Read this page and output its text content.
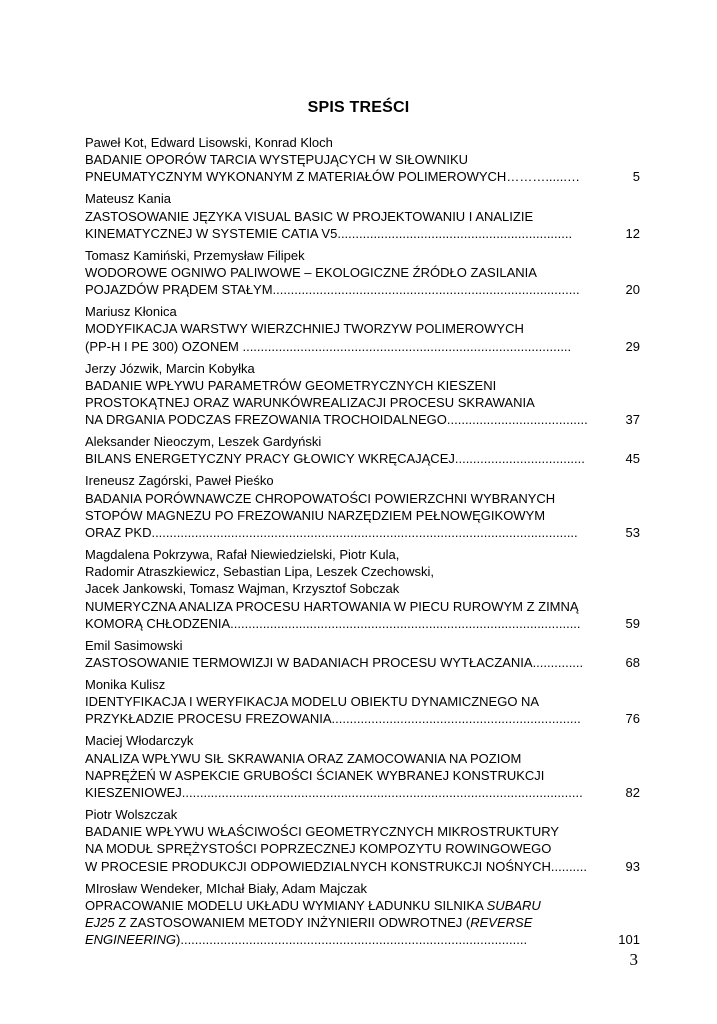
SPIS TREŚCI
Paweł Kot, Edward Lisowski, Konrad Kloch
BADANIE OPORÓW TARCIA WYSTĘPUJĄCYCH W SIŁOWNIKU
PNEUMATYCZNYM WYKONANYM Z MATERIAŁÓW POLIMEROWYCH………......…	5
Mateusz Kania
ZASTOSOWANIE JĘZYKA VISUAL BASIC W PROJEKTOWANIU I ANALIZIE
KINEMATYCZNEJ W SYSTEMIE CATIA V5.................................................................	12
Tomasz Kamiński, Przemysław Filipek
WODOROWE OGNIWO PALIWOWE – EKOLOGICZNE ŹRÓDŁO ZASILANIA
POJAZDÓW PRĄDEM STAŁYM.....................................................................................	20
Mariusz Kłonica
MODYFIKACJA WARSTWY WIERZCHNIEJ TWORZYW POLIMEROWYCH
(PP-H I PE 300) OZONEM ...........................................................................................	29
Jerzy Józwik, Marcin Kobyłka
BADANIE WPŁYWU PARAMETRÓW GEOMETRYCZNYCH KIESZENI
PROSTOKĄTNEJ ORAZ WARUNKÓWREALIZACJI PROCESU SKRAWANIA
NA DRGANIA PODCZAS FREZOWANIA TROCHOIDALNEGO.......................................	37
Aleksander Nieoczym, Leszek Gardyński
BILANS ENERGETYCZNY PRACY GŁOWICY WKRĘCAJĄCEJ....................................	45
Ireneusz Zagórski, Paweł Pieśko
BADANIA PORÓWNAWCZE CHROPOWATOŚCI POWIERZCHNI WYBRANYCH
STOPÓW MAGNEZU PO FREZOWANIU NARZĘDZIEM PEŁNOWĘGIKOWYM
ORAZ PKD......................................................................................................................	53
Magdalena Pokrzywa, Rafał Niewiedzielski, Piotr Kula,
Radomir Atraszkiewicz, Sebastian Lipa, Leszek Czechowski,
Jacek Jankowski, Tomasz Wajman, Krzysztof Sobczak
NUMERYCZNA ANALIZA PROCESU HARTOWANIA W PIECU RUROWYM Z ZIMNĄ
KOMORĄ CHŁODZENIA.................................................................................................	59
Emil Sasimowski
ZASTOSOWANIE TERMOWIZJI W BADANIACH PROCESU WYTŁACZANIA..............	68
Monika Kulisz
IDENTYFIKACJA I WERYFIKACJA MODELU OBIEKTU DYNAMICZNEGO NA
PRZYKŁADZIE PROCESU FREZOWANIA.....................................................................	76
Maciej Włodarczyk
ANALIZA WPŁYWU SIŁ SKRAWANIA ORAZ ZAMOCOWANIA NA POZIOM
NAPRĘŻEŃ W ASPEKCIE GRUBOŚCI ŚCIANEK WYBRANEJ KONSTRUKCJI
KIESZENIOWEJ...............................................................................................................	82
Piotr Wolszczak
BADANIE WPŁYWU WŁAŚCIWOŚCI GEOMETRYCZNYCH MIKROSTRUKTURY
NA MODUŁ SPRĘŻYSTOŚCI POPRZECZNEJ KOMPOZYTU ROWINGOWEGO
W PROCESIE PRODUKCJI ODPOWIEDZIALNYCH KONSTRUKCJI NOŚNYCH..........	93
MIrosław Wendeker, MIchał Biały, Adam Majczak
OPRACOWANIE MODELU UKŁADU WYMIANY ŁADUNKU SILNIKA SUBARU
EJ25 Z ZASTOSOWANIEM METODY INŻYNIERII ODWROTNEJ (REVERSE
ENGINEERING)................................................................................................	101
3
